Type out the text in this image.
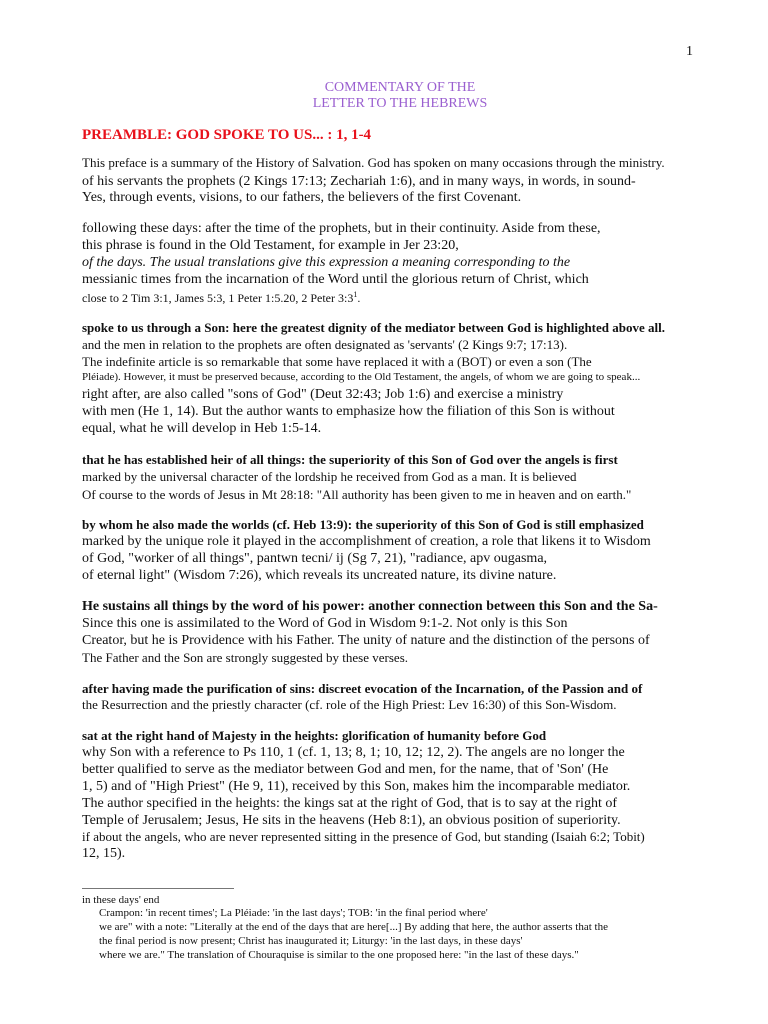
1
COMMENTARY OF THE
LETTER TO THE HEBREWS
PREAMBLE: GOD SPOKE TO US... : 1, 1-4
This preface is a summary of the History of Salvation. God has spoken on many occasions through the ministry.
of his servants the prophets (2 Kings 17:13; Zechariah 1:6), and in many ways, in words, in sound-
Yes, through events, visions, to our fathers, the believers of the first Covenant.
following these days: after the time of the prophets, but in their continuity. Aside from these,
this phrase is found in the Old Testament, for example in Jer 23:20,
of the days. The usual translations give this expression a meaning corresponding to the
messianic times from the incarnation of the Word until the glorious return of Christ, which
close to 2 Tim 3:1, James 5:3, 1 Peter 1:5.20, 2 Peter $3:3^1$.
spoke to us through a Son: here the greatest dignity of the mediator between God is highlighted above all.
and the men in relation to the prophets are often designated as 'servants' (2 Kings 9:7; 17:13).
The indefinite article is so remarkable that some have replaced it with a (BOT) or even a son (The
Pléiade). However, it must be preserved because, according to the Old Testament, the angels, of whom we are going to speak...
right after, are also called "sons of God" (Deut 32:43; Job 1:6) and exercise a ministry
with men (He 1, 14). But the author wants to emphasize how the filiation of this Son is without
equal, what he will develop in Heb 1:5-14.
that he has established heir of all things: the superiority of this Son of God over the angels is first
marked by the universal character of the lordship he received from God as a man. It is believed
Of course to the words of Jesus in Mt 28:18: "All authority has been given to me in heaven and on earth."
by whom he also made the worlds (cf. Heb 13:9): the superiority of this Son of God is still emphasized
marked by the unique role it played in the accomplishment of creation, a role that likens it to Wisdom
of God, "worker of all things", pantwn tecni/ ij (Sg 7, 21), "radiance, apv ougasma,
of eternal light" (Wisdom 7:26), which reveals its uncreated nature, its divine nature.
He sustains all things by the word of his power: another connection between this Son and the Sa-
Since this one is assimilated to the Word of God in Wisdom 9:1-2. Not only is this Son
Creator, but he is Providence with his Father. The unity of nature and the distinction of the persons of
The Father and the Son are strongly suggested by these verses.
after having made the purification of sins: discreet evocation of the Incarnation, of the Passion and of
the Resurrection and the priestly character (cf. role of the High Priest: Lev 16:30) of this Son-Wisdom.
sat at the right hand of Majesty in the heights: glorification of humanity before God
why Son with a reference to Ps 110, 1 (cf. 1, 13; 8, 1; 10, 12; 12, 2). The angels are no longer the
better qualified to serve as the mediator between God and men, for the name, that of 'Son' (He
1, 5) and of "High Priest" (He 9, 11), received by this Son, makes him the incomparable mediator.
The author specified in the heights: the kings sat at the right of God, that is to say at the right of
Temple of Jerusalem; Jesus, He sits in the heavens (Heb 8:1), an obvious position of superiority.
if about the angels, who are never represented sitting in the presence of God, but standing (Isaiah 6:2; Tobit)
12, 15).
in these days' end
Crampon: 'in recent times'; La Pléiade: 'in the last days'; TOB: 'in the final period where'
we are" with a note: "Literally at the end of the days that are here[...] By adding that here, the author asserts that the
the final period is now present; Christ has inaugurated it; Liturgy: 'in the last days, in these days'
where we are." The translation of Chouraquise is similar to the one proposed here: "in the last of these days."
